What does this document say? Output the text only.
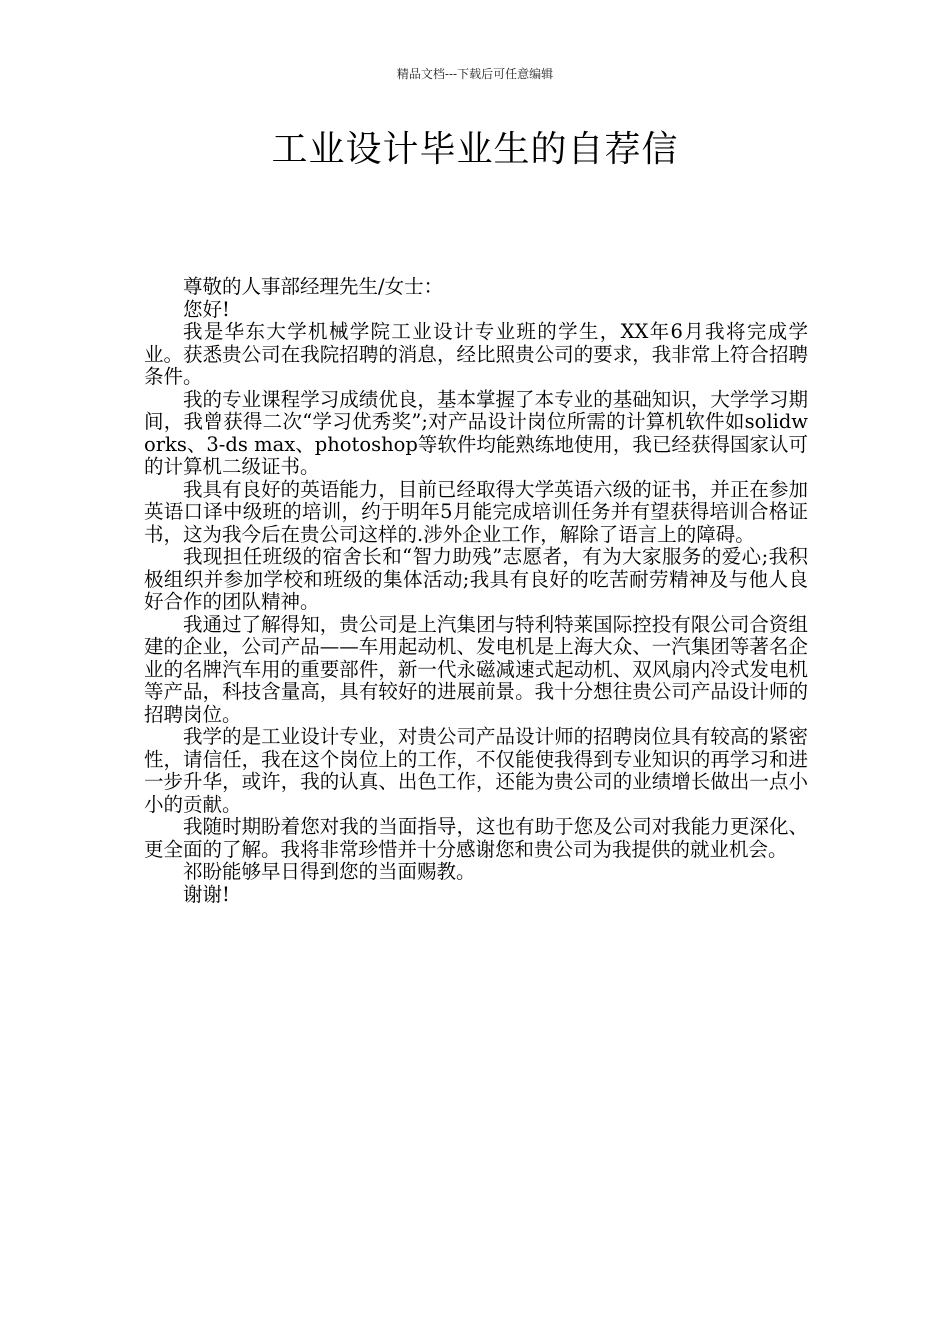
精品文档---下载后可任意编辑
工业设计毕业生的自荐信

尊敬的人事部经理先生/女士：

您好!

我是华东大学机械学院工业设计专业班的学生，XX年6月我将完成学业。获悉贵公司在我院招聘的消息，经比照贵公司的要求，我非常上符合招聘条件。

我的专业课程学习成绩优良，基本掌握了本专业的基础知识，大学学习期间，我曾获得二次“学习优秀奖”;对产品设计岗位所需的计算机软件如solidworks、3-ds max、photoshop等软件均能熟练地使用，我已经获得国家认可的计算机二级证书。

我具有良好的英语能力，目前已经取得大学英语六级的证书，并正在参加英语口译中级班的培训，约于明年5月能完成培训任务并有望获得培训合格证书，这为我今后在贵公司这样的.涉外企业工作，解除了语言上的障碍。

我现担任班级的宿舍长和“智力助残”志愿者，有为大家服务的爱心;我积极组织并参加学校和班级的集体活动;我具有良好的吃苦耐劳精神及与他人良好合作的团队精神。

我通过了解得知，贵公司是上汽集团与特利特莱国际控投有限公司合资组建的企业，公司产品——车用起动机、发电机是上海大众、一汽集团等著名企业的名牌汽车用的重要部件，新一代永磁减速式起动机、双风扇内冷式发电机等产品，科技含量高，具有较好的进展前景。我十分想往贵公司产品设计师的招聘岗位。

我学的是工业设计专业，对贵公司产品设计师的招聘岗位具有较高的紧密性，请信任，我在这个岗位上的工作，不仅能使我得到专业知识的再学习和进一步升华，或许，我的认真、出色工作，还能为贵公司的业绩增长做出一点小小的贡献。

我随时期盼着您对我的当面指导，这也有助于您及公司对我能力更深化、更全面的了解。我将非常珍惜并十分感谢您和贵公司为我提供的就业机会。

祁盼能够早日得到您的当面赐教。

谢谢!
